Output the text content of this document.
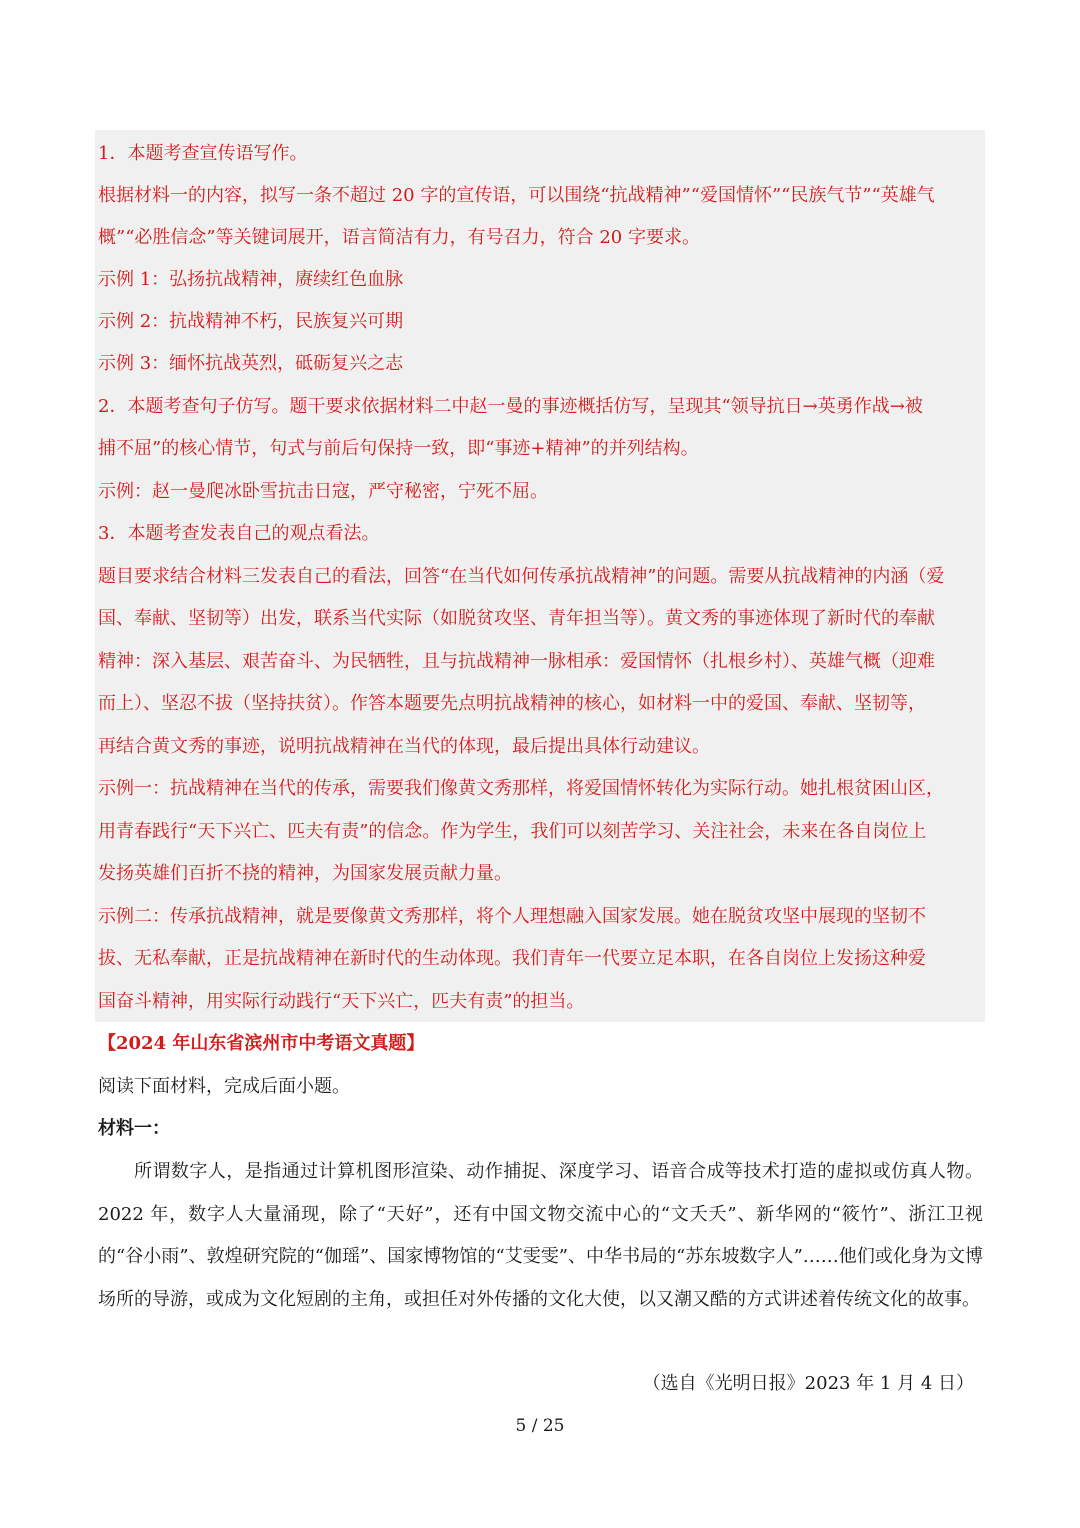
1．本题考查宣传语写作。
根据材料一的内容，拟写一条不超过 20 字的宣传语，可以围绕“抗战精神”“爱国情怀”“民族气节”“英雄气
概”“必胜信念”等关键词展开，语言简洁有力，有号召力，符合 20 字要求。
示例 1：弘扬抗战精神，赓续红色血脉
示例 2：抗战精神不朽，民族复兴可期
示例 3：缅怀抗战英烈，砥砺复兴之志
2．本题考查句子仿写。题干要求依据材料二中赵一曼的事迹概括仿写，呈现其“领导抗日→英勇作战→被
捕不屈”的核心情节，句式与前后句保持一致，即“事迹+精神”的并列结构。
示例：赵一曼爬冰卧雪抗击日寇，严守秘密，宁死不屈。
3．本题考查发表自己的观点看法。
题目要求结合材料三发表自己的看法，回答“在当代如何传承抗战精神”的问题。需要从抗战精神的内涵（爱
国、奉献、坚韧等）出发，联系当代实际（如脱贫攻坚、青年担当等）。黄文秀的事迹体现了新时代的奉献
精神：深入基层、艰苦奋斗、为民牺牲，且与抗战精神一脉相承：爱国情怀（扎根乡村）、英雄气概（迎难
而上）、坚忍不拔（坚持扶贫）。作答本题要先点明抗战精神的核心，如材料一中的爱国、奉献、坚韧等，
再结合黄文秀的事迹，说明抗战精神在当代的体现，最后提出具体行动建议。
示例一：抗战精神在当代的传承，需要我们像黄文秀那样，将爱国情怀转化为实际行动。她扎根贫困山区，
用青春践行“天下兴亡、匹夫有责”的信念。作为学生，我们可以刻苦学习、关注社会，未来在各自岗位上
发扬英雄们百折不挠的精神，为国家发展贡献力量。
示例二：传承抗战精神，就是要像黄文秀那样，将个人理想融入国家发展。她在脱贫攻坚中展现的坚韧不
拔、无私奉献，正是抗战精神在新时代的生动体现。我们青年一代要立足本职，在各自岗位上发扬这种爱
国奋斗精神，用实际行动践行“天下兴亡，匹夫有责”的担当。
【2024 年山东省滨州市中考语文真题】
阅读下面材料，完成后面小题。
材料一：

所谓数字人，是指通过计算机图形渲染、动作捕捉、深度学习、语音合成等技术打造的虚拟或仿真人物。2022 年，数字人大量涌现，除了“天好”，还有中国文物交流中心的“文夭夭”、新华网的“筱竹”、浙江卫视的“谷小雨”、敦煌研究院的“伽瑶”、国家博物馆的“艾雯雯”、中华书局的“苏东坡数字人”……他们或化身为文博场所的导游，或成为文化短剧的主角，或担任对外传播的文化大使，以又潮又酷的方式讲述着传统文化的故事。

（选自《光明日报》2023 年 1 月 4 日）
5 / 25
